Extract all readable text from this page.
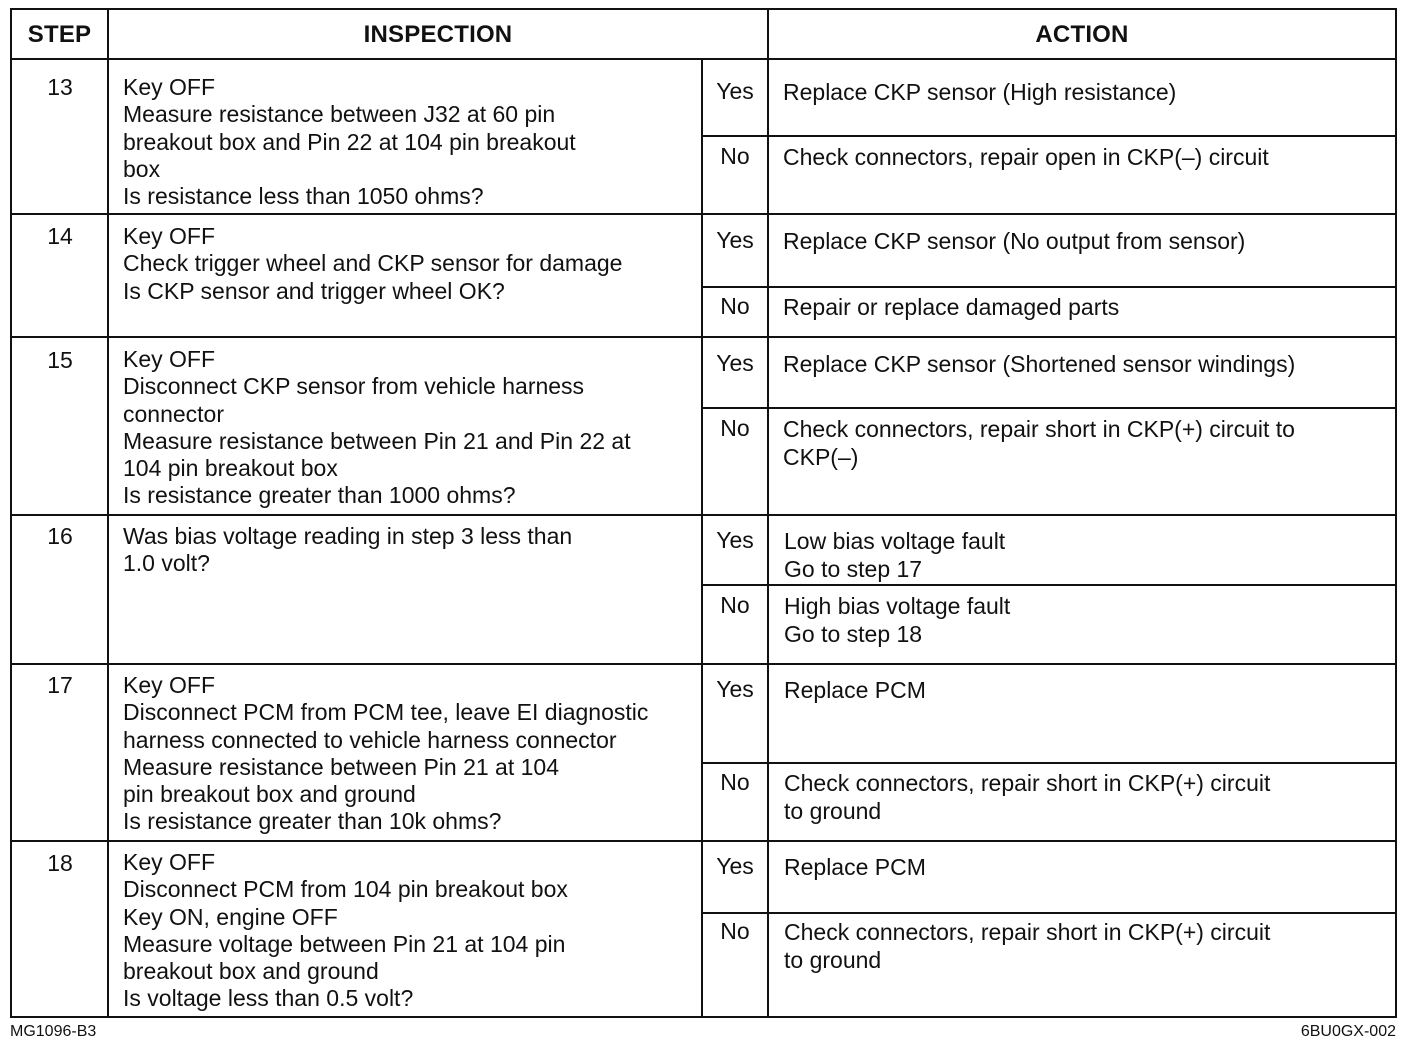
STEP	INSPECTION	ACTION
13	Key OFF
Measure resistance between J32 at 60 pin
breakout box and Pin 22 at 104 pin breakout
box
Is resistance less than 1050 ohms?
Yes	Replace CKP sensor (High resistance)
No	Check connectors, repair open in CKP(–) circuit
14	Key OFF
Check trigger wheel and CKP sensor for damage
Is CKP sensor and trigger wheel OK?
Yes	Replace CKP sensor (No output from sensor)
No	Repair or replace damaged parts
15	Key OFF
Disconnect CKP sensor from vehicle harness
connector
Measure resistance between Pin 21 and Pin 22 at
104 pin breakout box
Is resistance greater than 1000 ohms?
Yes	Replace CKP sensor (Shortened sensor windings)
No	Check connectors, repair short in CKP(+) circuit to
CKP(–)
16	Was bias voltage reading in step 3 less than
1.0 volt?
Yes	Low bias voltage fault
Go to step 17
No	High bias voltage fault
Go to step 18
17	Key OFF
Disconnect PCM from PCM tee, leave EI diagnostic
harness connected to vehicle harness connector
Measure resistance between Pin 21 at 104
pin breakout box and ground
Is resistance greater than 10k ohms?
Yes	Replace PCM
No	Check connectors, repair short in CKP(+) circuit
to ground
18	Key OFF
Disconnect PCM from 104 pin breakout box
Key ON, engine OFF
Measure voltage between Pin 21 at 104 pin
breakout box and ground
Is voltage less than 0.5 volt?
Yes	Replace PCM
No	Check connectors, repair short in CKP(+) circuit
to ground
MG1096-B3	6BU0GX-002
